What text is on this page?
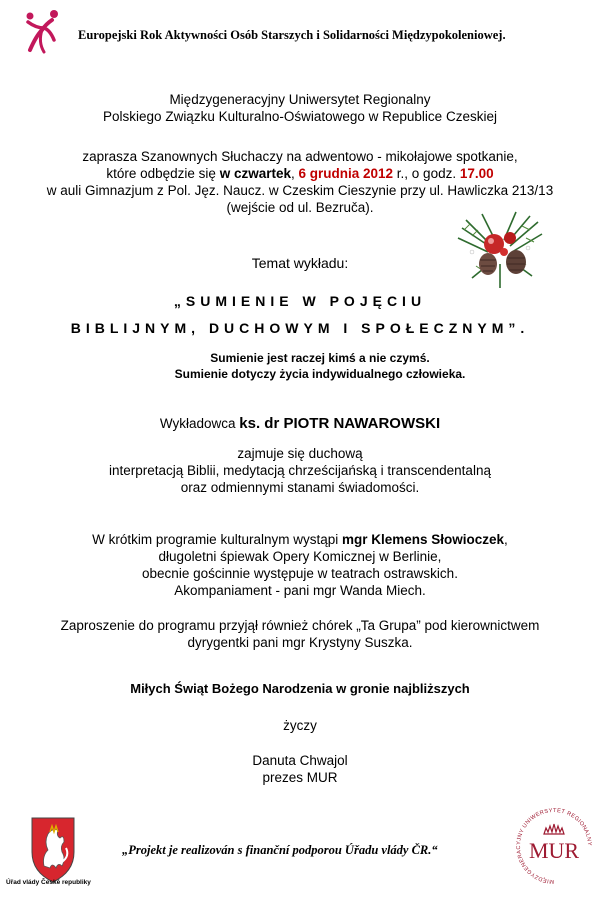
Europejski Rok Aktywności Osób Starszych i Solidarności Międzypokoleniowej.
Międzygeneracyjny Uniwersytet Regionalny
Polskiego Związku Kulturalno-Oświatowego w Republice Czeskiej
zaprasza Szanownych Słuchaczy na adwentowo - mikołajowe spotkanie,
które odbędzie się w czwartek, 6 grudnia 2012 r., o godz. 17.00
w auli Gimnazjum z Pol. Jęz. Naucz. w Czeskim Cieszynie przy ul. Hawliczka 213/13
(wejście od ul. Bezruča).
Temat wykładu:
„SUMIENIE W POJĘCIU
BIBLIJNYM, DUCHOWYM I SPOŁECZNYM”.
Sumienie jest raczej kimś a nie czymś.
Sumienie dotyczy życia indywidualnego człowieka.
Wykładowca ks. dr PIOTR NAWAROWSKI
zajmuje się duchową
interpretacją Biblii, medytacją chrześcijańską i transcendentalną
oraz odmiennymi stanami świadomości.
W krótkim programie kulturalnym wystąpi mgr Klemens Słowioczek,
długoletni śpiewak Opery Komicznej w Berlinie,
obecnie gościnnie występuje w teatrach ostrawskich.
Akompaniament - pani mgr Wanda Miech.
Zaproszenie do programu przyjął również chórek „Ta Grupa” pod kierownictwem
dyrygentki pani mgr Krystyny Suszka.
Miłych Świąt Bożego Narodzenia w gronie najbliższych
życzy
Danuta Chwajol
prezes MUR
Úřad vlády České republiky
„Projekt je realizován s finanční podporou Úřadu vlády ČR.“
MIĘDZYGENERACYJNY UNIWERSYTET REGIONALNY
MUR
